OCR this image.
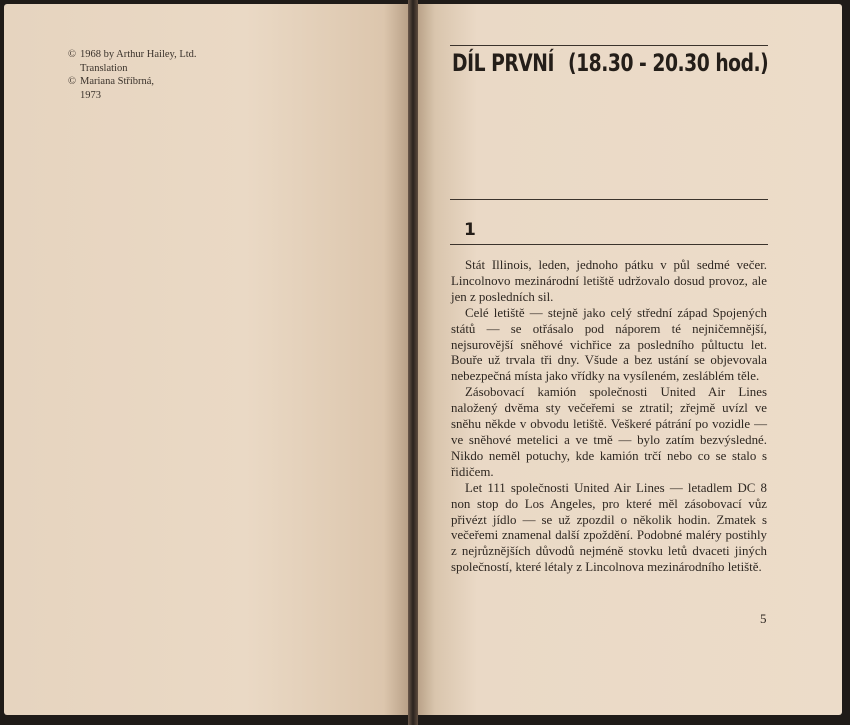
© 1968 by Arthur Hailey, Ltd.
Translation
© Mariana Stříbrná,
1973
DÍL PRVNÍ (18.30 - 20.30 hod.)
1

Stát Illinois, leden, jednoho pátku v půl sedmé večer. Lincolnovo mezinárodní letiště udržovalo dosud provoz, ale jen z posledních sil.

Celé letiště — stejně jako celý střední západ Spojených států — se otřásalo pod náporem té nejničemnější, nejsurovější sněhové vichřice za posledního půltuctu let. Bouře už trvala tři dny. Všude a bez ustání se objevovala nebezpečná místa jako vřídky na vysíleném, zesláblém těle.

Zásobovací kamión společnosti United Air Lines naložený dvěma sty večeřemi se ztratil; zřejmě uvízl ve sněhu někde v obvodu letiště. Veškeré pátrání po vozidle — ve sněhové metelici a ve tmě — bylo zatím bezvýsledné. Nikdo neměl potuchy, kde kamión trčí nebo co se stalo s řidičem.

Let 111 společnosti United Air Lines — letadlem DC 8 non stop do Los Angeles, pro které měl zásobovací vůz přivézt jídlo — se už zpozdil o několik hodin. Zmatek s večeřemi znamenal další zpoždění. Podobné maléry postihly z nejrůznějších důvodů nejméně stovku letů dvaceti jiných společností, které létaly z Lincolnova mezinárodního letiště.

5
